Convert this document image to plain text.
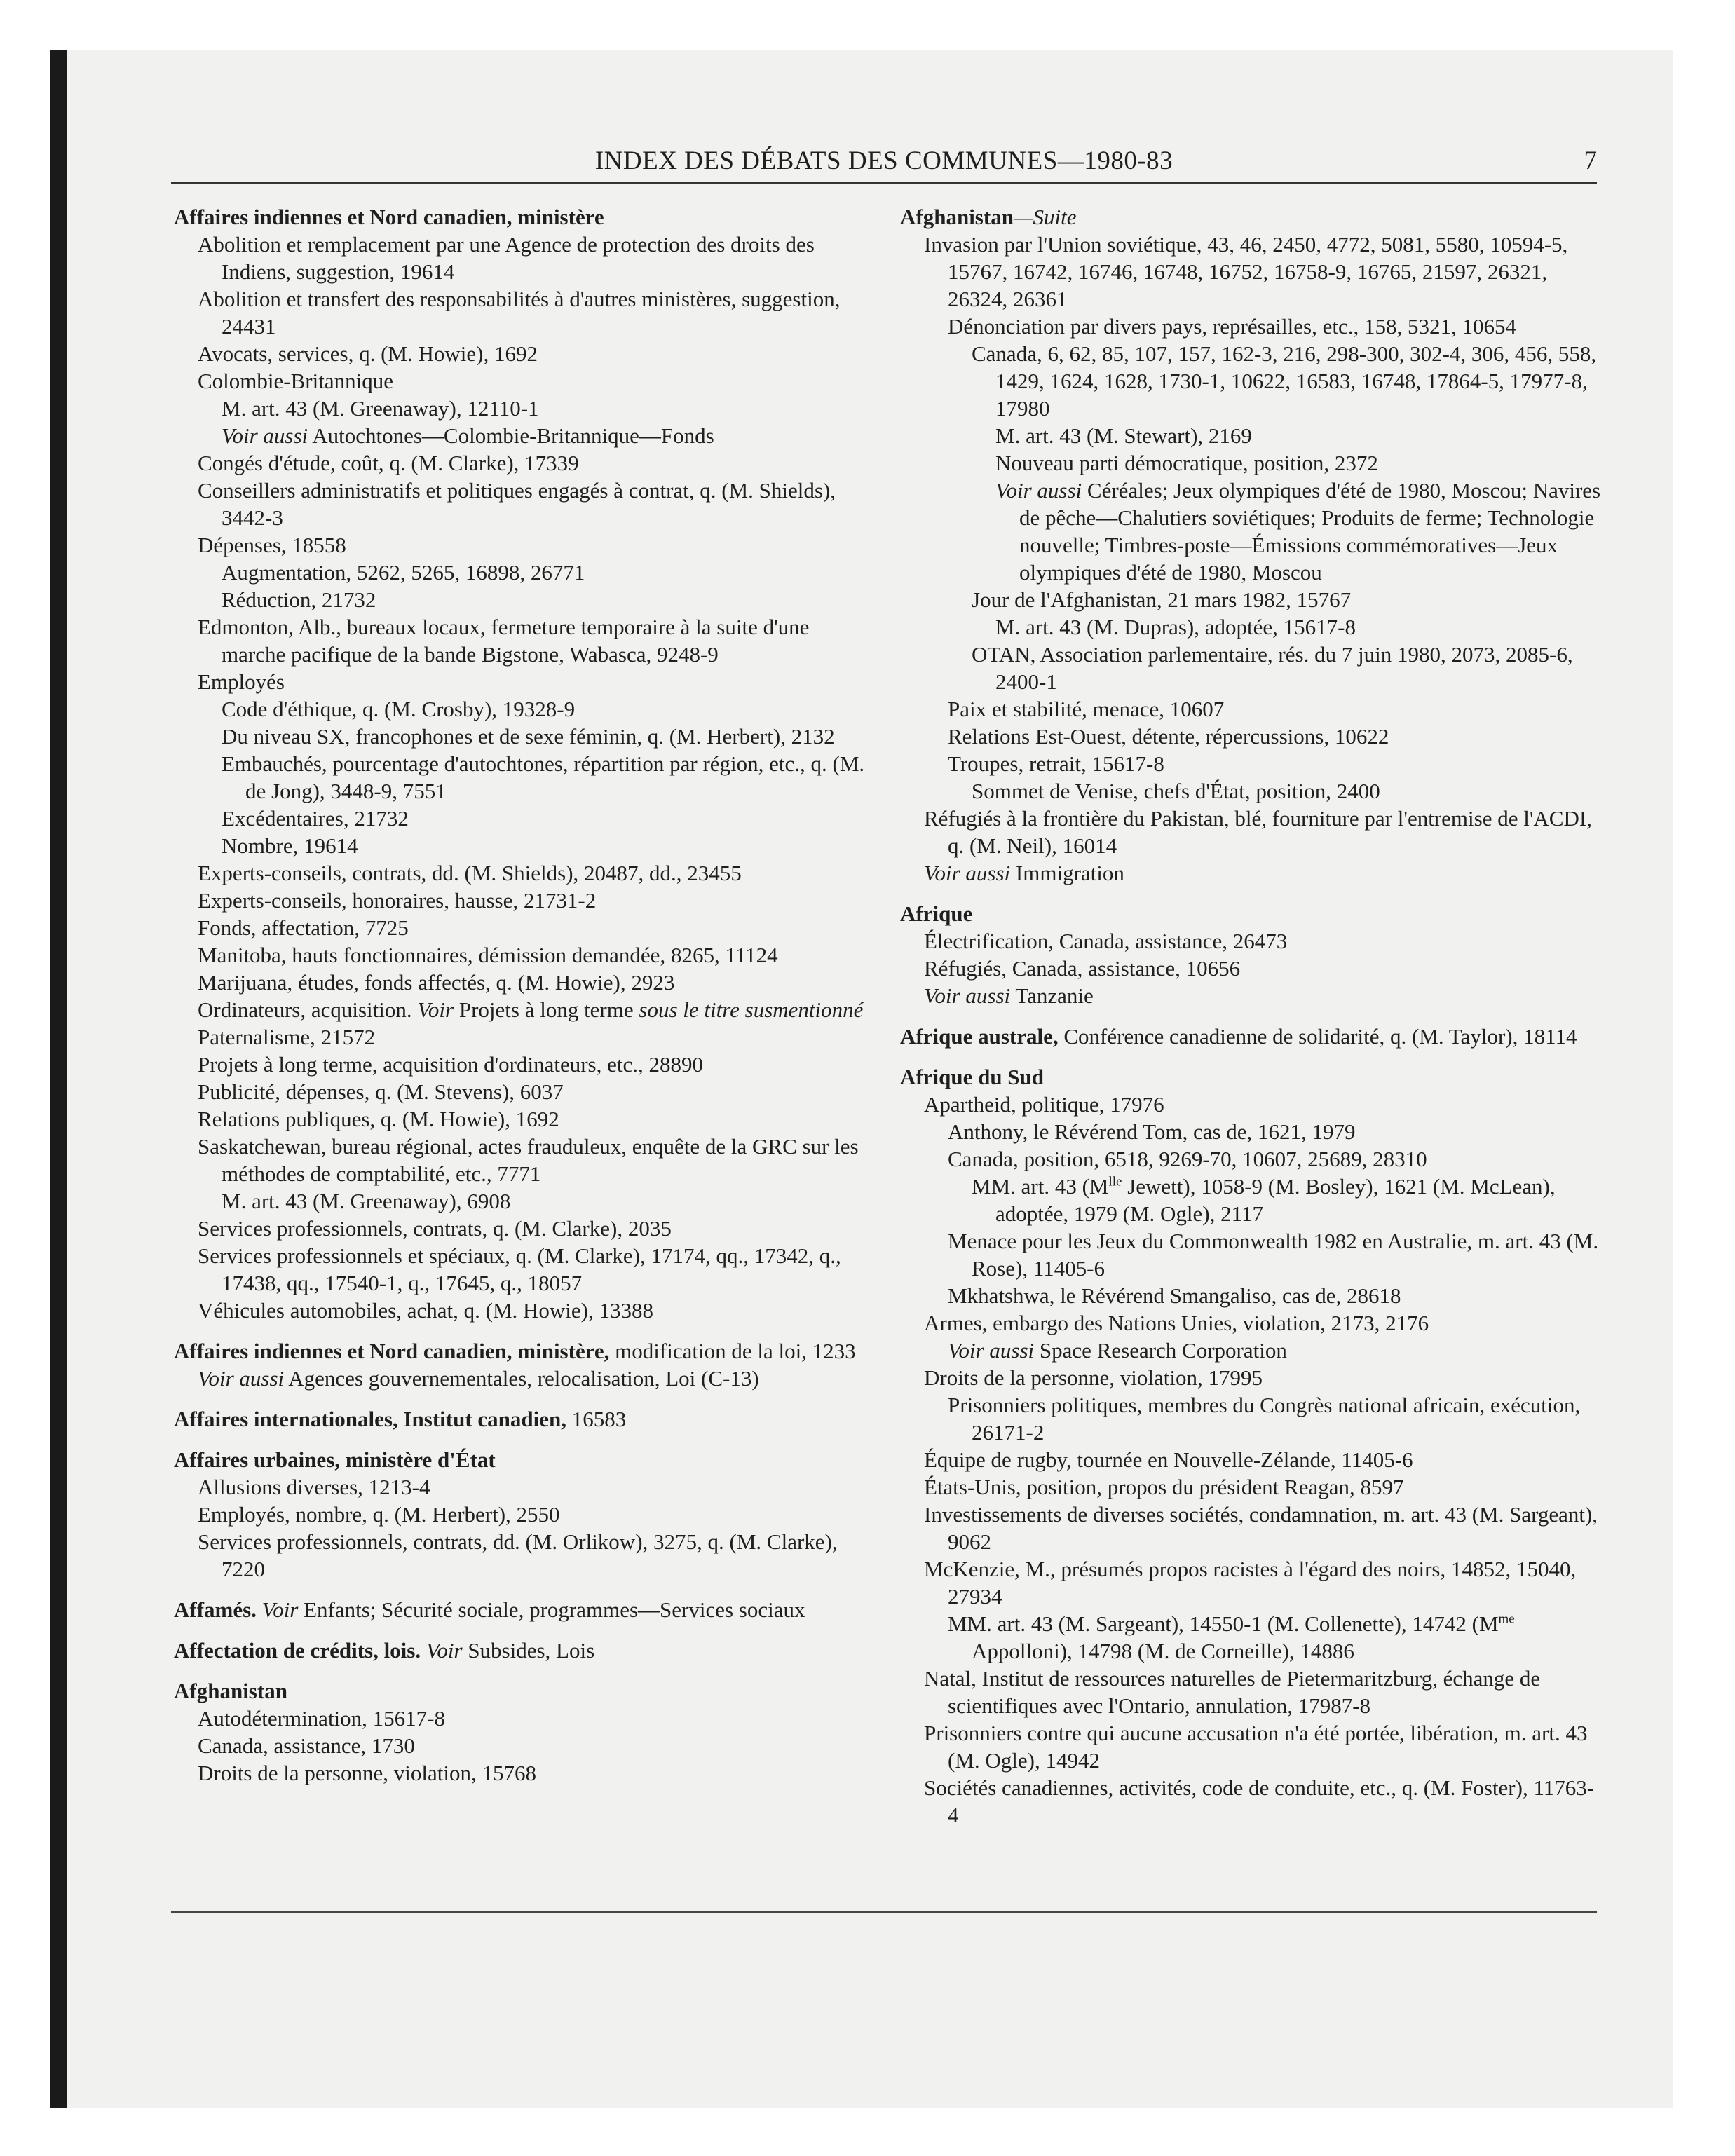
INDEX DES DÉBATS DES COMMUNES—1980-83	7
Affaires indiennes et Nord canadien, ministère
Abolition et remplacement par une Agence de protection des droits des Indiens, suggestion, 19614
Abolition et transfert des responsabilités à d'autres ministères, suggestion, 24431
Avocats, services, q. (M. Howie), 1692
Colombie-Britannique
M. art. 43 (M. Greenaway), 12110-1
Voir aussi Autochtones—Colombie-Britannique—Fonds
Congés d'étude, coût, q. (M. Clarke), 17339
Conseillers administratifs et politiques engagés à contrat, q. (M. Shields), 3442-3
Dépenses, 18558
Augmentation, 5262, 5265, 16898, 26771
Réduction, 21732
Edmonton, Alb., bureaux locaux, fermeture temporaire à la suite d'une marche pacifique de la bande Bigstone, Wabasca, 9248-9
Employés
Code d'éthique, q. (M. Crosby), 19328-9
Du niveau SX, francophones et de sexe féminin, q. (M. Herbert), 2132
Embauchés, pourcentage d'autochtones, répartition par région, etc., q. (M. de Jong), 3448-9, 7551
Excédentaires, 21732
Nombre, 19614
Experts-conseils, contrats, dd. (M. Shields), 20487, dd., 23455
Experts-conseils, honoraires, hausse, 21731-2
Fonds, affectation, 7725
Manitoba, hauts fonctionnaires, démission demandée, 8265, 11124
Marijuana, études, fonds affectés, q. (M. Howie), 2923
Ordinateurs, acquisition. Voir Projets à long terme sous le titre susmentionné
Paternalisme, 21572
Projets à long terme, acquisition d'ordinateurs, etc., 28890
Publicité, dépenses, q. (M. Stevens), 6037
Relations publiques, q. (M. Howie), 1692
Saskatchewan, bureau régional, actes frauduleux, enquête de la GRC sur les méthodes de comptabilité, etc., 7771
M. art. 43 (M. Greenaway), 6908
Services professionnels, contrats, q. (M. Clarke), 2035
Services professionnels et spéciaux, q. (M. Clarke), 17174, qq., 17342, q., 17438, qq., 17540-1, q., 17645, q., 18057
Véhicules automobiles, achat, q. (M. Howie), 13388
Affaires indiennes et Nord canadien, ministère, modification de la loi, 1233
Voir aussi Agences gouvernementales, relocalisation, Loi (C-13)
Affaires internationales, Institut canadien, 16583
Affaires urbaines, ministère d'État
Allusions diverses, 1213-4
Employés, nombre, q. (M. Herbert), 2550
Services professionnels, contrats, dd. (M. Orlikow), 3275, q. (M. Clarke), 7220
Affamés. Voir Enfants; Sécurité sociale, programmes—Services sociaux
Affectation de crédits, lois. Voir Subsides, Lois
Afghanistan
Autodétermination, 15617-8
Canada, assistance, 1730
Droits de la personne, violation, 15768
Afghanistan—Suite
Invasion par l'Union soviétique, 43, 46, 2450, 4772, 5081, 5580, 10594-5, 15767, 16742, 16746, 16748, 16752, 16758-9, 16765, 21597, 26321, 26324, 26361
Dénonciation par divers pays, représailles, etc., 158, 5321, 10654
Canada, 6, 62, 85, 107, 157, 162-3, 216, 298-300, 302-4, 306, 456, 558, 1429, 1624, 1628, 1730-1, 10622, 16583, 16748, 17864-5, 17977-8, 17980
M. art. 43 (M. Stewart), 2169
Nouveau parti démocratique, position, 2372
Voir aussi Céréales; Jeux olympiques d'été de 1980, Moscou; Navires de pêche—Chalutiers soviétiques; Produits de ferme; Technologie nouvelle; Timbres-poste—Émissions commémoratives—Jeux olympiques d'été de 1980, Moscou
Jour de l'Afghanistan, 21 mars 1982, 15767
M. art. 43 (M. Dupras), adoptée, 15617-8
OTAN, Association parlementaire, rés. du 7 juin 1980, 2073, 2085-6, 2400-1
Paix et stabilité, menace, 10607
Relations Est-Ouest, détente, répercussions, 10622
Troupes, retrait, 15617-8
Sommet de Venise, chefs d'État, position, 2400
Réfugiés à la frontière du Pakistan, blé, fourniture par l'entremise de l'ACDI, q. (M. Neil), 16014
Voir aussi Immigration
Afrique
Électrification, Canada, assistance, 26473
Réfugiés, Canada, assistance, 10656
Voir aussi Tanzanie
Afrique australe, Conférence canadienne de solidarité, q. (M. Taylor), 18114
Afrique du Sud
Apartheid, politique, 17976
Anthony, le Révérend Tom, cas de, 1621, 1979
Canada, position, 6518, 9269-70, 10607, 25689, 28310
MM. art. 43 ($M^{lle}$ Jewett), 1058-9 (M. Bosley), 1621 (M. McLean), adoptée, 1979 (M. Ogle), 2117
Menace pour les Jeux du Commonwealth 1982 en Australie, m. art. 43 (M. Rose), 11405-6
Mkhatshwa, le Révérend Smangaliso, cas de, 28618
Armes, embargo des Nations Unies, violation, 2173, 2176
Voir aussi Space Research Corporation
Droits de la personne, violation, 17995
Prisonniers politiques, membres du Congrès national africain, exécution, 26171-2
Équipe de rugby, tournée en Nouvelle-Zélande, 11405-6
États-Unis, position, propos du président Reagan, 8597
Investissements de diverses sociétés, condamnation, m. art. 43 (M. Sargeant), 9062
McKenzie, M., présumés propos racistes à l'égard des noirs, 14852, 15040, 27934
MM. art. 43 (M. Sargeant), 14550-1 (M. Collenette), 14742 ($M^{me}$ Appolloni), 14798 (M. de Corneille), 14886
Natal, Institut de ressources naturelles de Pietermaritzburg, échange de scientifiques avec l'Ontario, annulation, 17987-8
Prisonniers contre qui aucune accusation n'a été portée, libération, m. art. 43 (M. Ogle), 14942
Sociétés canadiennes, activités, code de conduite, etc., q. (M. Foster), 11763-4
